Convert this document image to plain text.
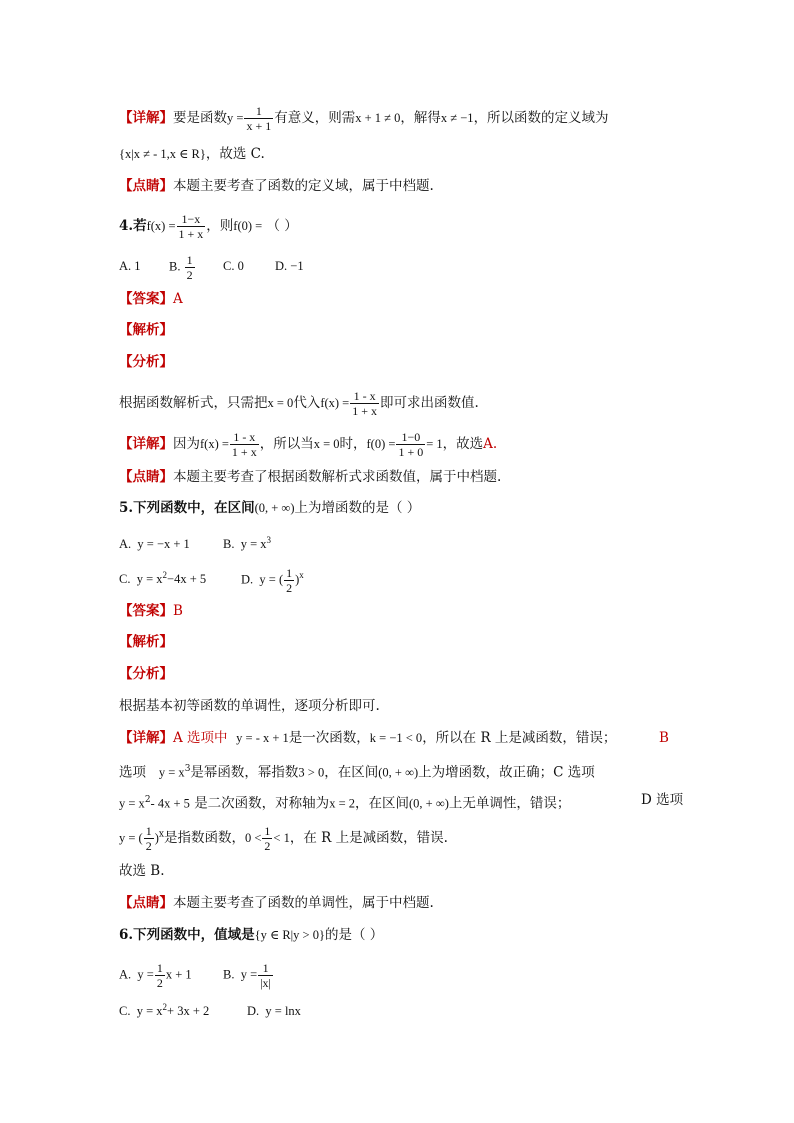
【详解】要是函数$y = \frac{1}{x + 1}$ 有意义，则需x + 1 ≠ 0，解得x ≠ −1，所以函数的定义域为
{x|x ≠ - 1,x ∈ R}，故选 C.
【点睛】本题主要考查了函数的定义域，属于中档题.
4.若$f(x) = \frac{1-x}{1 + x}$ ，则f(0) = （ ）
A. 1 B. $\frac{1}{2} C$. 0 D. −1
【答案】A
【解析】
【分析】
根据函数解析式，只需把x = 0代入$f(x) = \frac{1 - x}{1 + x}$ 即可求出函数值.
【详解】因为$f(x) = \frac{1 - x}{1 + x}$ ，所以当x = 0时，$f(0) = \frac{1-0}{1 + 0} = 1$，故选A.
【点睛】本题主要考查了根据函数解析式求函数值，属于中档题.
5.下列函数中，在区间(0, + ∞)上为增函数的是（ ）
A. y = −x + 1	B. $y = x^3$
C. $y = x^2-4x + 5$	D. y = ( $\frac{1}{2} )^x$
【答案】B
【解析】
【分析】
根据基本初等函数的单调性，逐项分析即可.
【详解】A 选项中 y = - x + 1是一次函数，k = −1 < 0，所以在 R 上是减函数，错误；	B
选项 $y = x^3$是幂函数，幂指数3 > 0，在区间(0, + ∞)上为增函数，故正确；C 选项
$y = x^2-$ 4x + 5 是二次函数，对称轴为x = 2，在区间(0, + ∞)上无单调性，错误；	D 选项
y = ( $\frac{1}{2} )^x$是指数函数，$0 < \frac{1}{2} < 1$，在 R 上是减函数，错误.
故选 B.
【点睛】本题主要考查了函数的单调性，属于中档题.
6.下列函数中，值域是{y ∈ R|y > 0}的是（ ）
A. $y = \frac{1}{2}$ x + 1	B. $y = \frac{1}{|x|}$
C. $y = x^2+ 3x + 2$	D. y = lnx
